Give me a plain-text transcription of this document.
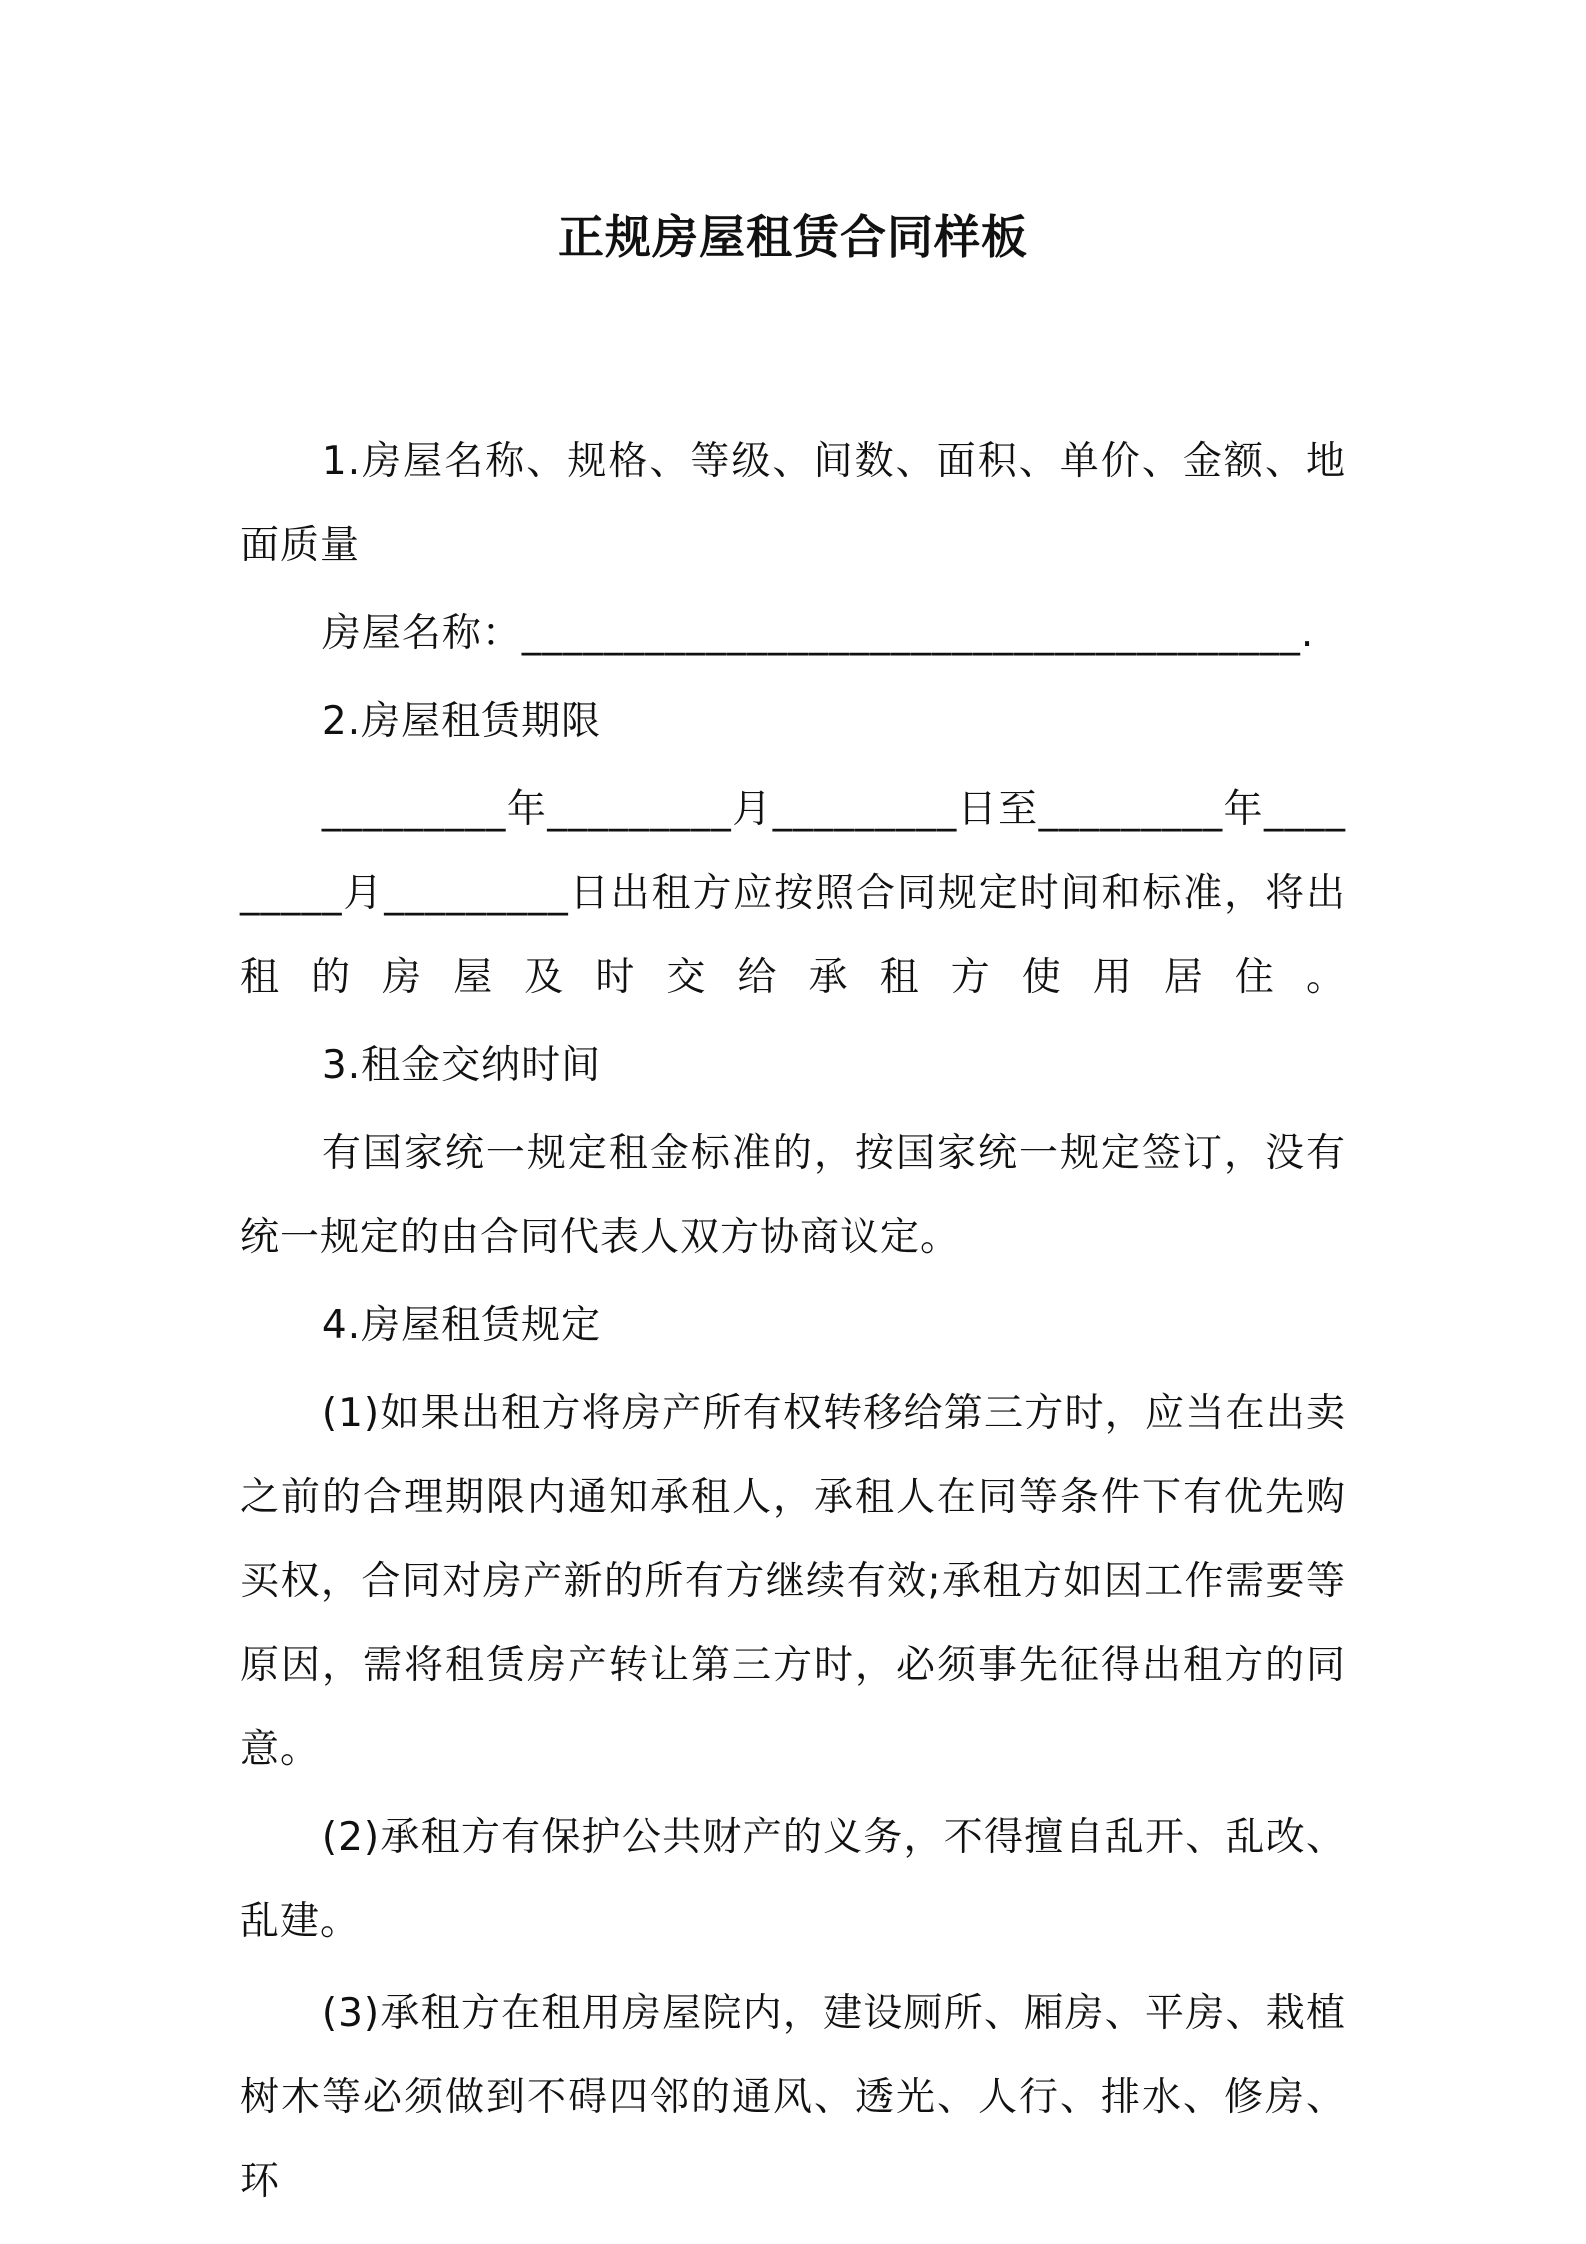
正规房屋租赁合同样板

1.房屋名称、规格、等级、间数、面积、单价、金额、地面质量

房屋名称：______________________________________.

2.房屋租赁期限

_________年_________月_________日至_________年_________月_________日出租方应按照合同规定时间和标准，将出租的房屋及时交给承租方使用居住。

3.租金交纳时间

有国家统一规定租金标准的，按国家统一规定签订，没有统一规定的由合同代表人双方协商议定。

4.房屋租赁规定

(1)如果出租方将房产所有权转移给第三方时，应当在出卖之前的合理期限内通知承租人，承租人在同等条件下有优先购买权，合同对房产新的所有方继续有效;承租方如因工作需要等原因，需将租赁房产转让第三方时，必须事先征得出租方的同意。

(2)承租方有保护公共财产的义务，不得擅自乱开、乱改、乱建。

(3)承租方在租用房屋院内，建设厕所、厢房、平房、栽植树木等必须做到不碍四邻的通风、透光、人行、排水、修房、环
